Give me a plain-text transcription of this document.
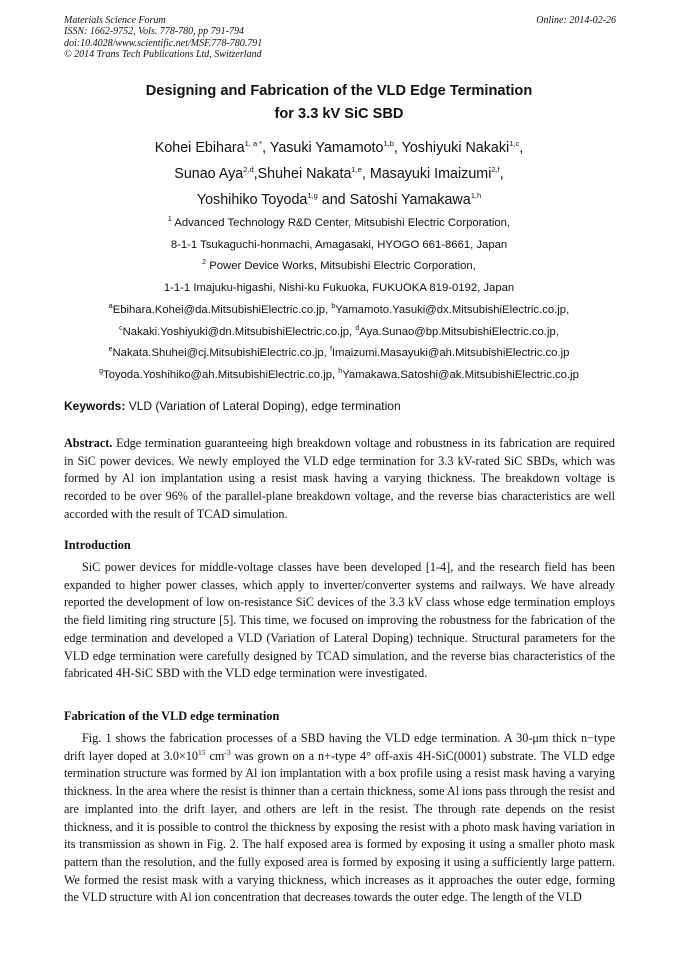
Materials Science Forum
ISSN: 1662-9752, Vols. 778-780, pp 791-794
doi:10.4028/www.scientific.net/MSF.778-780.791
© 2014 Trans Tech Publications Ltd, Switzerland
Online: 2014-02-26
Designing and Fabrication of the VLD Edge Termination
for 3.3 kV SiC SBD
Kohei Ebihara$^{1, a *}$, Yasuki Yamamoto$^{1,b}$, Yoshiyuki Nakaki$^{1,c}$,
Sunao Aya$^{2,d}$,Shuhei Nakata$^{1,e}$, Masayuki Imaizumi$^{2,f}$,
Yoshihiko Toyoda$^{1,g}$ and Satoshi Yamakawa$^{1,h}$
$^1$ Advanced Technology R&D Center, Mitsubishi Electric Corporation,
8-1-1 Tsukaguchi-honmachi, Amagasaki, HYOGO 661-8661, Japan
$^2$ Power Device Works, Mitsubishi Electric Corporation,
1-1-1 Imajuku-higashi, Nishi-ku Fukuoka, FUKUOKA 819-0192, Japan
$^a$Ebihara.Kohei@da.MitsubishiElectric.co.jp, $^b$Yamamoto.Yasuki@dx.MitsubishiElectric.co.jp,
$^c$Nakaki.Yoshiyuki@dn.MitsubishiElectric.co.jp, $^d$Aya.Sunao@bp.MitsubishiElectric.co.jp,
$^e$Nakata.Shuhei@cj.MitsubishiElectric.co.jp, $^f$Imaizumi.Masayuki@ah.MitsubishiElectric.co.jp
$^g$Toyoda.Yoshihiko@ah.MitsubishiElectric.co.jp, $^h$Yamakawa.Satoshi@ak.MitsubishiElectric.co.jp
Keywords: VLD (Variation of Lateral Doping), edge termination
Abstract. Edge termination guaranteeing high breakdown voltage and robustness in its fabrication are required in SiC power devices. We newly employed the VLD edge termination for 3.3 kV-rated SiC SBDs, which was formed by Al ion implantation using a resist mask having a varying thickness. The breakdown voltage is recorded to be over 96% of the parallel-plane breakdown voltage, and the reverse bias characteristics are well accorded with the result of TCAD simulation.
Introduction
SiC power devices for middle-voltage classes have been developed [1-4], and the research field has been expanded to higher power classes, which apply to inverter/converter systems and railways. We have already reported the development of low on-resistance SiC devices of the 3.3 kV class whose edge termination employs the field limiting ring structure [5]. This time, we focused on improving the robustness for the fabrication of the edge termination and developed a VLD (Variation of Lateral Doping) technique. Structural parameters for the VLD edge termination were carefully designed by TCAD simulation, and the reverse bias characteristics of the fabricated 4H-SiC SBD with the VLD edge termination were investigated.
Fabrication of the VLD edge termination
Fig. 1 shows the fabrication processes of a SBD having the VLD edge termination. A 30-μm thick n−type drift layer doped at $3.0\times 10^{15}$ $cm^{-3}$ was grown on a n+-type 4° off-axis 4H-SiC(0001) substrate. The VLD edge termination structure was formed by Al ion implantation with a box profile using a resist mask having a varying thickness. In the area where the resist is thinner than a certain thickness, some Al ions pass through the resist and are implanted into the drift layer, and others are left in the resist. The through rate depends on the resist thickness, and it is possible to control the thickness by exposing the resist with a photo mask having variation in its transmission as shown in Fig. 2. The half exposed area is formed by exposing it using a smaller photo mask pattern than the resolution, and the fully exposed area is formed by exposing it using a sufficiently large pattern. We formed the resist mask with a varying thickness, which increases as it approaches the outer edge, forming the VLD structure with Al ion concentration that decreases towards the outer edge. The length of the VLD
